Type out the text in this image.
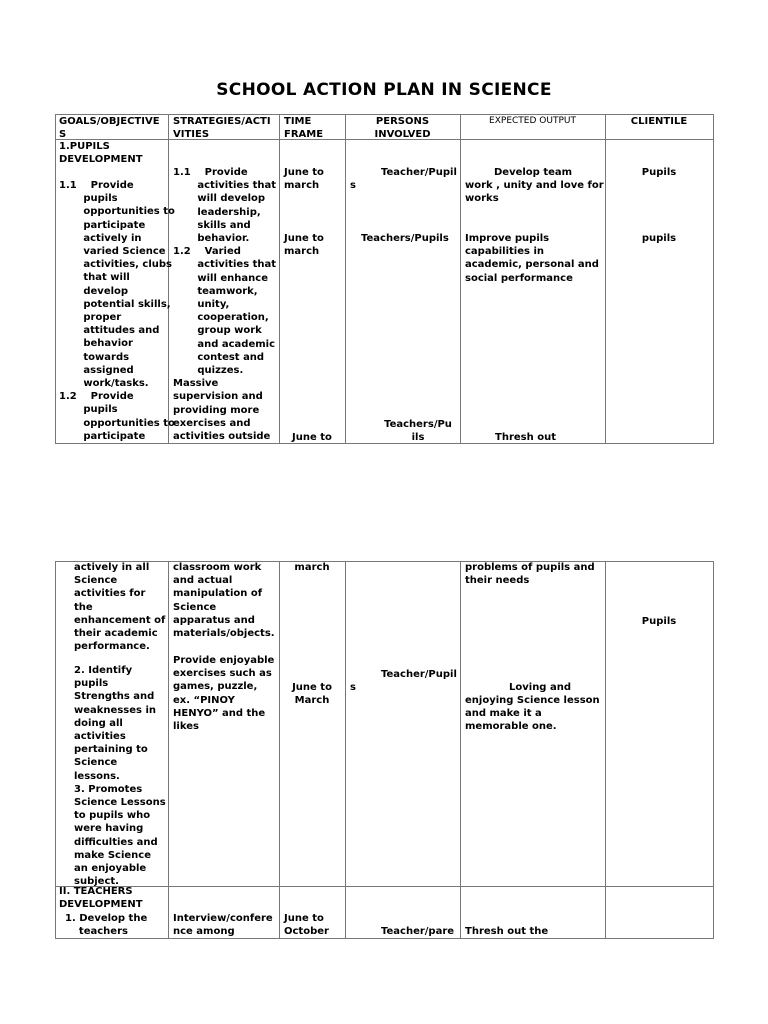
SCHOOL ACTION PLAN IN SCIENCE

GOALS/OBJECTIVE
S

STRATEGIES/ACTI
VITIES

TIME
FRAME

PERSONS
INVOLVED

EXPECTED OUTPUT	CLIENTILE

1.PUPILS
DEVELOPMENT

1.1    Provide
pupils
opportunities to
participate
actively in
varied Science
activities, clubs
that will
develop
potential skills,
proper
attitudes and
behavior
towards
assigned
work/tasks.
1.2    Provide
pupils
opportunities to
participate

1.1    Provide
activities that
will develop
leadership,
skills and
behavior.
1.2    Varied
activities that
will enhance
teamwork,
unity,
cooperation,
group work
and academic
contest and
quizzes.
Massive
supervision and
providing more
exercises and
activities outside

June to
march

June to
march

June to

Teacher/Pupil

s

Teachers/Pupils

Teachers/Pu
ils

Develop team

work , unity and love for
works

Improve pupils
capabilities in
academic, personal and
social performance

Thresh out

Pupils

pupils

actively in all
Science
activities for
the
enhancement of
their academic
performance.

2. Identify
pupils
Strengths and
weaknesses in
doing all
activities
pertaining to
Science
lessons.
3. Promotes
Science Lessons
to pupils who
were having
difficulties and
make Science
an enjoyable
subject.

classroom work
and actual
manipulation of
Science
apparatus and
materials/objects.

Provide enjoyable
exercises such as
games, puzzle,
ex. “PINOY
HENYO” and the
likes

march

June to
March

Teacher/Pupil

s

problems of pupils and
their needs

Loving and

enjoying Science lesson
and make it a
memorable one.

Pupils

II. TEACHERS
DEVELOPMENT

1. Develop the
teachers

Interview/confere
nce among

June to
October	Teacher/pare Thresh out the
